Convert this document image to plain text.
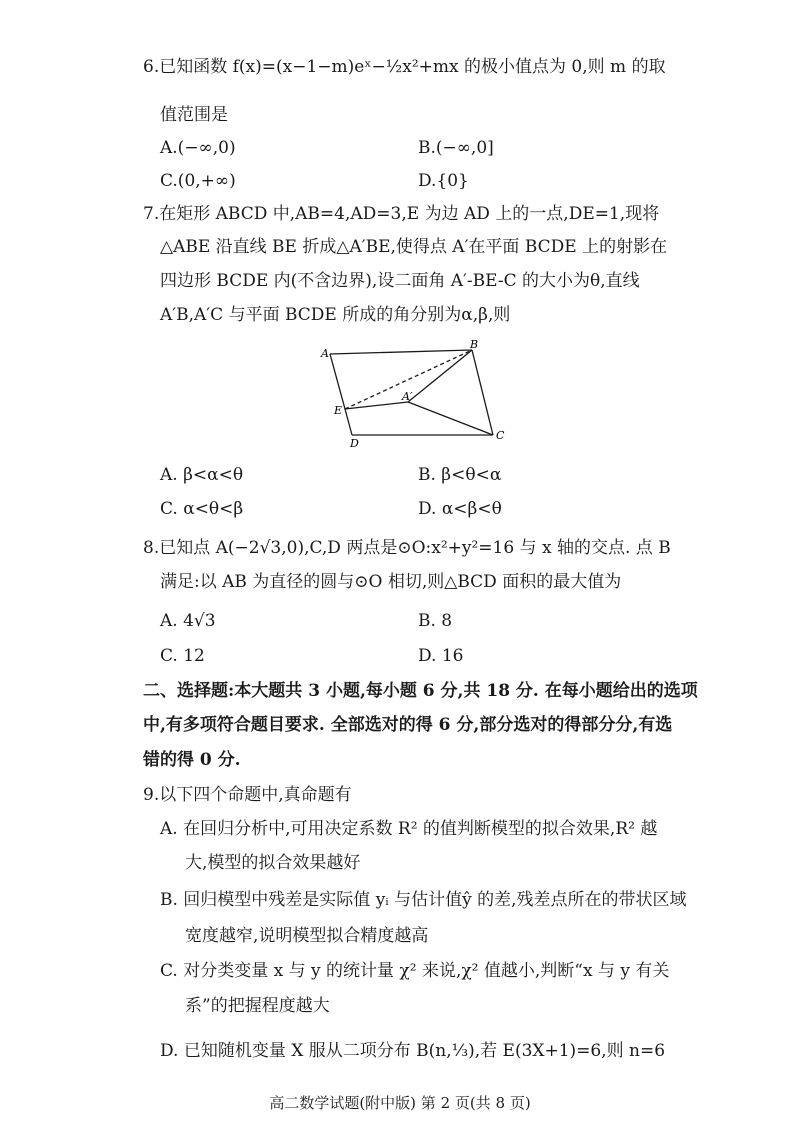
6.已知函数 f(x)=(x−1−m)eˣ−½x²+mx 的极小值点为 0,则 m 的取
值范围是
A.(−∞,0)	B.(−∞,0]
C.(0,+∞)	D.{0}
7.在矩形 ABCD 中,AB=4,AD=3,E 为边 AD 上的一点,DE=1,现将
△ABE 沿直线 BE 折成△A′BE,使得点 A′在平面 BCDE 上的射影在
四边形 BCDE 内(不含边界),设二面角 A′-BE-C 的大小为θ,直线
A′B,A′C 与平面 BCDE 所成的角分别为α,β,则
A
B
E
A′
D
C
A. β<α<θ	B. β<θ<α
C. α<θ<β	D. α<β<θ
8.已知点 A(−2√3,0),C,D 两点是⊙O:x²+y²=16 与 x 轴的交点. 点 B
满足:以 AB 为直径的圆与⊙O 相切,则△BCD 面积的最大值为
A. 4√3	B. 8
C. 12	D. 16
二、选择题:本大题共 3 小题,每小题 6 分,共 18 分. 在每小题给出的选项
中,有多项符合题目要求. 全部选对的得 6 分,部分选对的得部分分,有选
错的得 0 分.
9.以下四个命题中,真命题有
A. 在回归分析中,可用决定系数 R² 的值判断模型的拟合效果,R² 越
大,模型的拟合效果越好
B. 回归模型中残差是实际值 yᵢ 与估计值ŷ 的差,残差点所在的带状区域
宽度越窄,说明模型拟合精度越高
C. 对分类变量 x 与 y 的统计量 χ² 来说,χ² 值越小,判断“x 与 y 有关
系”的把握程度越大
D. 已知随机变量 X 服从二项分布 B(n,⅓),若 E(3X+1)=6,则 n=6
高二数学试题(附中版) 第 2 页(共 8 页)
